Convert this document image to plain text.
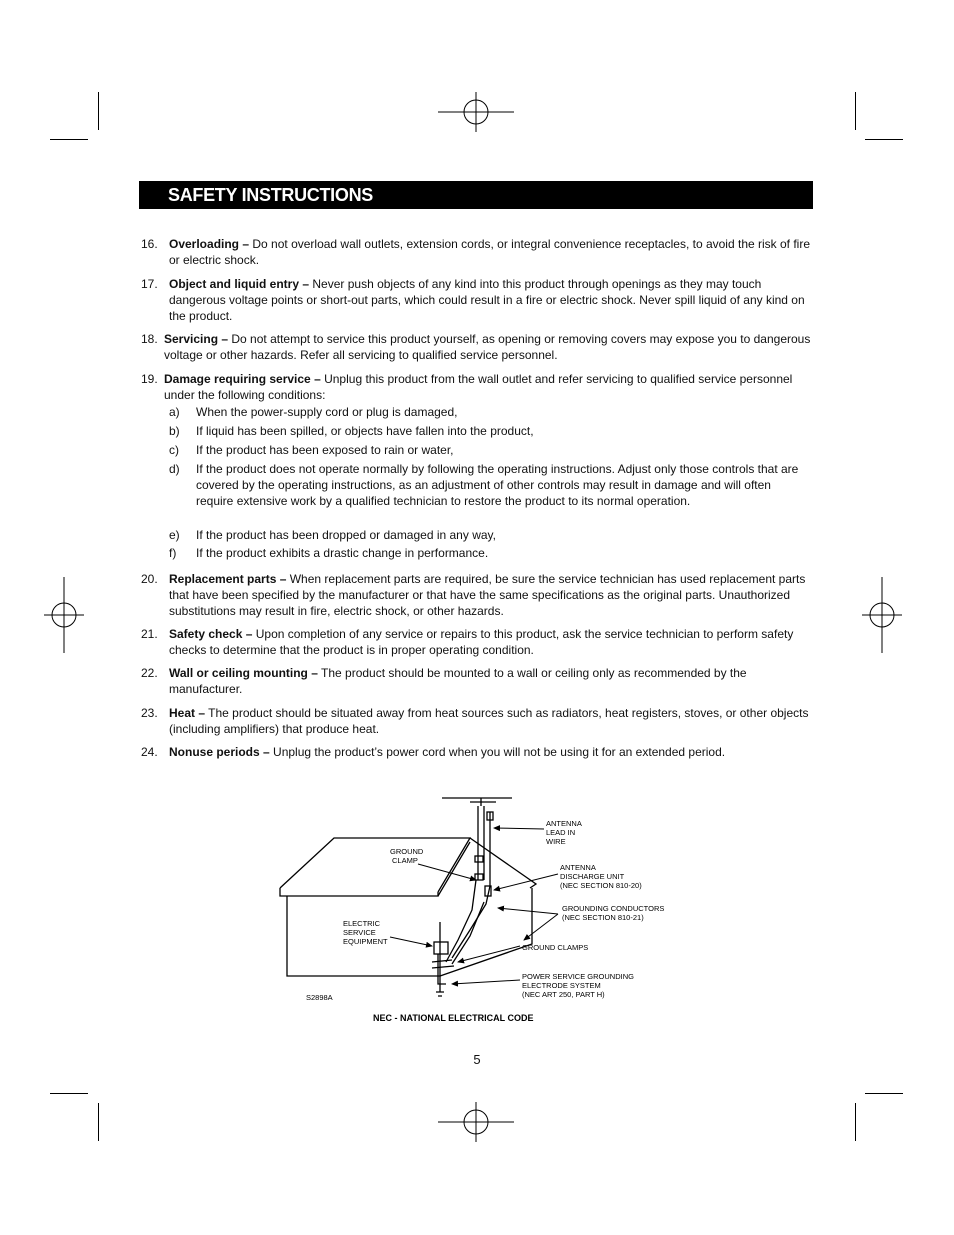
SAFETY INSTRUCTIONS
16. Overloading – Do not overload wall outlets, extension cords, or integral convenience receptacles, to avoid the risk of fire or electric shock.
17. Object and liquid entry – Never push objects of any kind into this product through openings as they may touch dangerous voltage points or short-out parts, which could result in a fire or electric shock. Never spill liquid of any kind on the product.
18. Servicing – Do not attempt to service this product yourself, as opening or removing covers may expose you to dangerous voltage or other hazards. Refer all servicing to qualified service personnel.
19. Damage requiring service – Unplug this product from the wall outlet and refer servicing to qualified service personnel under the following conditions:
a) When the power-supply cord or plug is damaged,
b) If liquid has been spilled, or objects have fallen into the product,
c) If the product has been exposed to rain or water,
d) If the product does not operate normally by following the operating instructions. Adjust only those controls that are covered by the operating instructions, as an adjustment of other controls may result in damage and will often require extensive work by a qualified technician to restore the product to its normal operation.
e) If the product has been dropped or damaged in any way,
f) If the product exhibits a drastic change in performance.
20. Replacement parts – When replacement parts are required, be sure the service technician has used replacement parts that have been specified by the manufacturer or that have the same specifications as the original parts. Unauthorized substitutions may result in fire, electric shock, or other hazards.
21. Safety check – Upon completion of any service or repairs to this product, ask the service technician to perform safety checks to determine that the product is in proper operating condition.
22. Wall or ceiling mounting – The product should be mounted to a wall or ceiling only as recommended by the manufacturer.
23. Heat – The product should be situated away from heat sources such as radiators, heat registers, stoves, or other objects (including amplifiers) that produce heat.
24. Nonuse periods – Unplug the product’s power cord when you will not be using it for an extended period.
ANTENNA
LEAD IN
WIRE
GROUND
CLAMP
ANTENNA
DISCHARGE UNIT
(NEC SECTION 810-20)
GROUNDING CONDUCTORS
(NEC SECTION 810-21)
ELECTRIC
SERVICE
EQUIPMENT
GROUND CLAMPS
POWER SERVICE GROUNDING
ELECTRODE SYSTEM
(NEC ART 250, PART H)
S2898A
NEC - NATIONAL ELECTRICAL CODE
5
